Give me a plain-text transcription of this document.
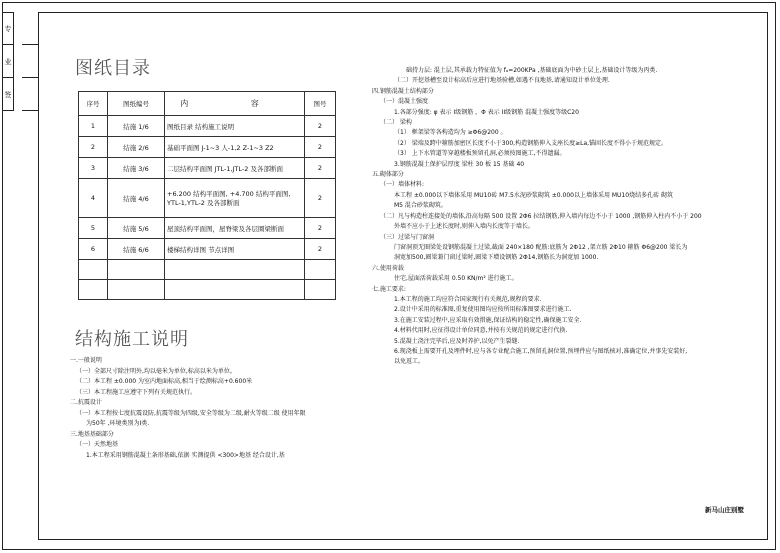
专
业
签
图纸目录
序号	图纸编号	内 容	图号
1	结施 1/6	图纸目录 结构施工说明	2
2	结施 2/6	基础平面图 J-1~3 人-1,2 Z-1~3 Z2	2
3	结施 3/6	二层结构平面图 JTL-1,JTL-2 及各部断面	2
4	结施 4/6	+6.200 结构平面图, +4.700 结构平面图, YTL-1,YTL-2 及各部断面	2
5	结施 5/6	屋顶结构平面图，屋脊梁及各层圈梁断面	2
6	结施 6/6	楼梯结构详图 节点详图	2

结构施工说明
一.一般说明
（一）全部尺寸除注明外,均以毫米为单位,标高以米为单位。
（二）本工程 ±0.000 为室内地面标高,相当于绘测标高+0.600米
（三）本工程施工应遵守下列有关规范执行。
二.抗震设计
（一）本工程按七度抗震设防,抗震等级为四级,安全等级为二级,耐火等级二级 使用年限
为50年 ,环境类别为I类.
三.地基基础部分
（一）天然地基
1.本工程采用钢筋混凝土条形基础,依据 实测提供 <300>地基 经合设计,基
础持力层: 混土层,其承载力特征值为 fₐ=200KPa ,基础底面为中砂土层上,基础设计等级为丙类.
（二）开挖基槽至设计标高后应进行地基验槽,如遇不良地基,请通知设计单位处理.
四.钢筋混凝土结构部分
（一）混凝土强度
1.各部分强度: φ 表示 I级钢筋 ，Φ 表示 II级钢筋 混凝土强度等级C20
（二） 梁构
（1） 框架梁等各构造均为 ≥Φ6@200 。
（2） 梁端及跨中箍筋加密区长度不小于300,构造钢筋伸入支座长度≥La,锚固长度不得小于规范规定。
（3） 上下水管道等穿越楼板预留孔洞,必须按图施工,不得遗漏。
3.钢筋混凝土保护层厚度 梁柱 30 板 15 基础 40
五.砌体部分
（一）墙体材料:
本工程 ±0.000以下墙体采用 MU10砖 M7.5水泥砂浆砌筑 ±0.000以上墙体采用 MU10烧结多孔砖 砌筑
M5 混合砂浆砌筑。
（二）凡与构造柱连接处的墙体,沿高每隔 500 设置 2Φ6 拉结钢筋,伸入墙内每边不小于 1000 ,钢筋伸入柱内不小于 200
外墙不应小于上述长度时,则伸入墙内长度等于墙长。
（三）过梁与门窗洞
门窗洞顶无圈梁处设钢筋混凝土过梁,截面 240×180 配筋:底筋为 2Φ12 ,架立筋 2Φ10 箍筋 Φ6@200 梁长为
洞宽加500,圈梁兼门窗过梁时,圈梁下增设钢筋 2Φ14,钢筋长为洞宽加 1000.
六.使用荷载
住宅,屋面活荷载采用 0.50 KN/m² 进行施工。
七.施工要求:
1.本工程的施工均应符合国家现行有关规范,规程的要求.
2.设计中采用的标准图,重复使用图均应按所用标准图要求进行施工.
3.在施工安装过程中,应采取有效措施,保证结构的稳定性,确保施工安全.
4.材料代用时,应征得设计单位同意,并按有关规范的规定进行代换.
5.混凝土浇注完毕后,应及时养护,以免产生裂缝.
6.现浇板上需要开孔及埋件时,应与各专业配合施工,预留孔洞位置,预埋件应与图纸核对,准确定位,并事先安装好,
以免返工。
新马山庄别墅
